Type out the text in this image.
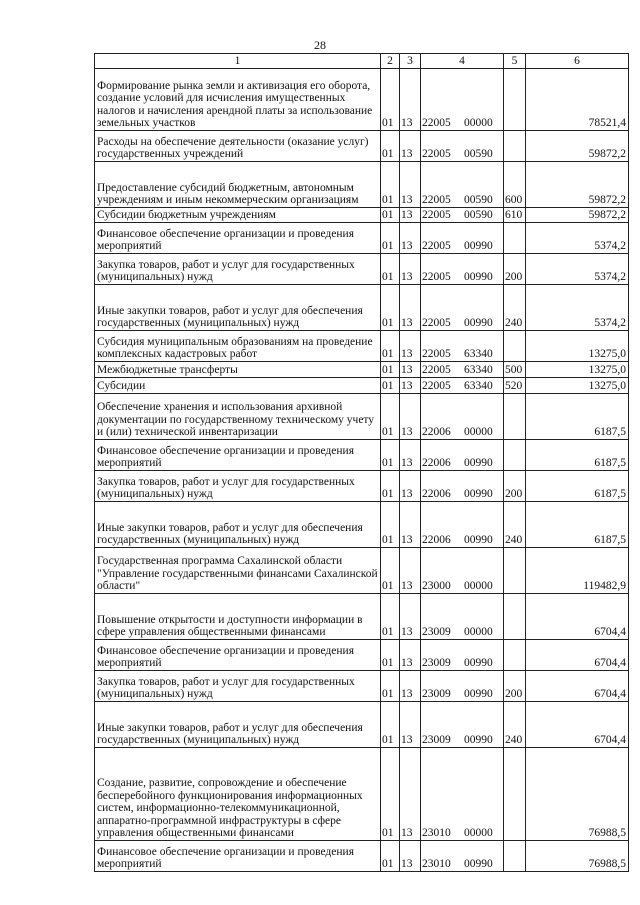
28
1	2	3	4	5	6
Формирование рынка земли и активизация его оборота, создание условий для исчисления имущественных налогов и начисления арендной платы за использование земельных участков	01	13	22005 00000		78521,4
Расходы на обеспечение деятельности (оказание услуг) государственных учреждений	01	13	22005 00590		59872,2
Предоставление субсидий бюджетным, автономным учреждениям и иным некоммерческим организациям	01	13	22005 00590	600	59872,2
Субсидии бюджетным учреждениям	01	13	22005 00590	610	59872,2
Финансовое обеспечение организации и проведения мероприятий	01	13	22005 00990		5374,2
Закупка товаров, работ и услуг для государственных (муниципальных) нужд	01	13	22005 00990	200	5374,2
Иные закупки товаров, работ и услуг для обеспечения государственных (муниципальных) нужд	01	13	22005 00990	240	5374,2
Субсидия муниципальным образованиям на проведение комплексных кадастровых работ	01	13	22005 63340		13275,0
Межбюджетные трансферты	01	13	22005 63340	500	13275,0
Субсидии	01	13	22005 63340	520	13275,0
Обеспечение хранения и использования архивной документации по государственному техническому учету и (или) технической инвентаризации	01	13	22006 00000		6187,5
Финансовое обеспечение организации и проведения мероприятий	01	13	22006 00990		6187,5
Закупка товаров, работ и услуг для государственных (муниципальных) нужд	01	13	22006 00990	200	6187,5
Иные закупки товаров, работ и услуг для обеспечения государственных (муниципальных) нужд	01	13	22006 00990	240	6187,5
Государственная программа Сахалинской области "Управление государственными финансами Сахалинской области"	01	13	23000 00000		119482,9
Повышение открытости и доступности информации в сфере управления общественными финансами	01	13	23009 00000		6704,4
Финансовое обеспечение организации и проведения мероприятий	01	13	23009 00990		6704,4
Закупка товаров, работ и услуг для государственных (муниципальных) нужд	01	13	23009 00990	200	6704,4
Иные закупки товаров, работ и услуг для обеспечения государственных (муниципальных) нужд	01	13	23009 00990	240	6704,4
Создание, развитие, сопровождение и обеспечение бесперебойного функционирования информационных систем, информационно-телекоммуникационной, аппаратно-программной инфраструктуры в сфере управления общественными финансами	01	13	23010 00000		76988,5
Финансовое обеспечение организации и проведения мероприятий	01	13	23010 00990		76988,5
